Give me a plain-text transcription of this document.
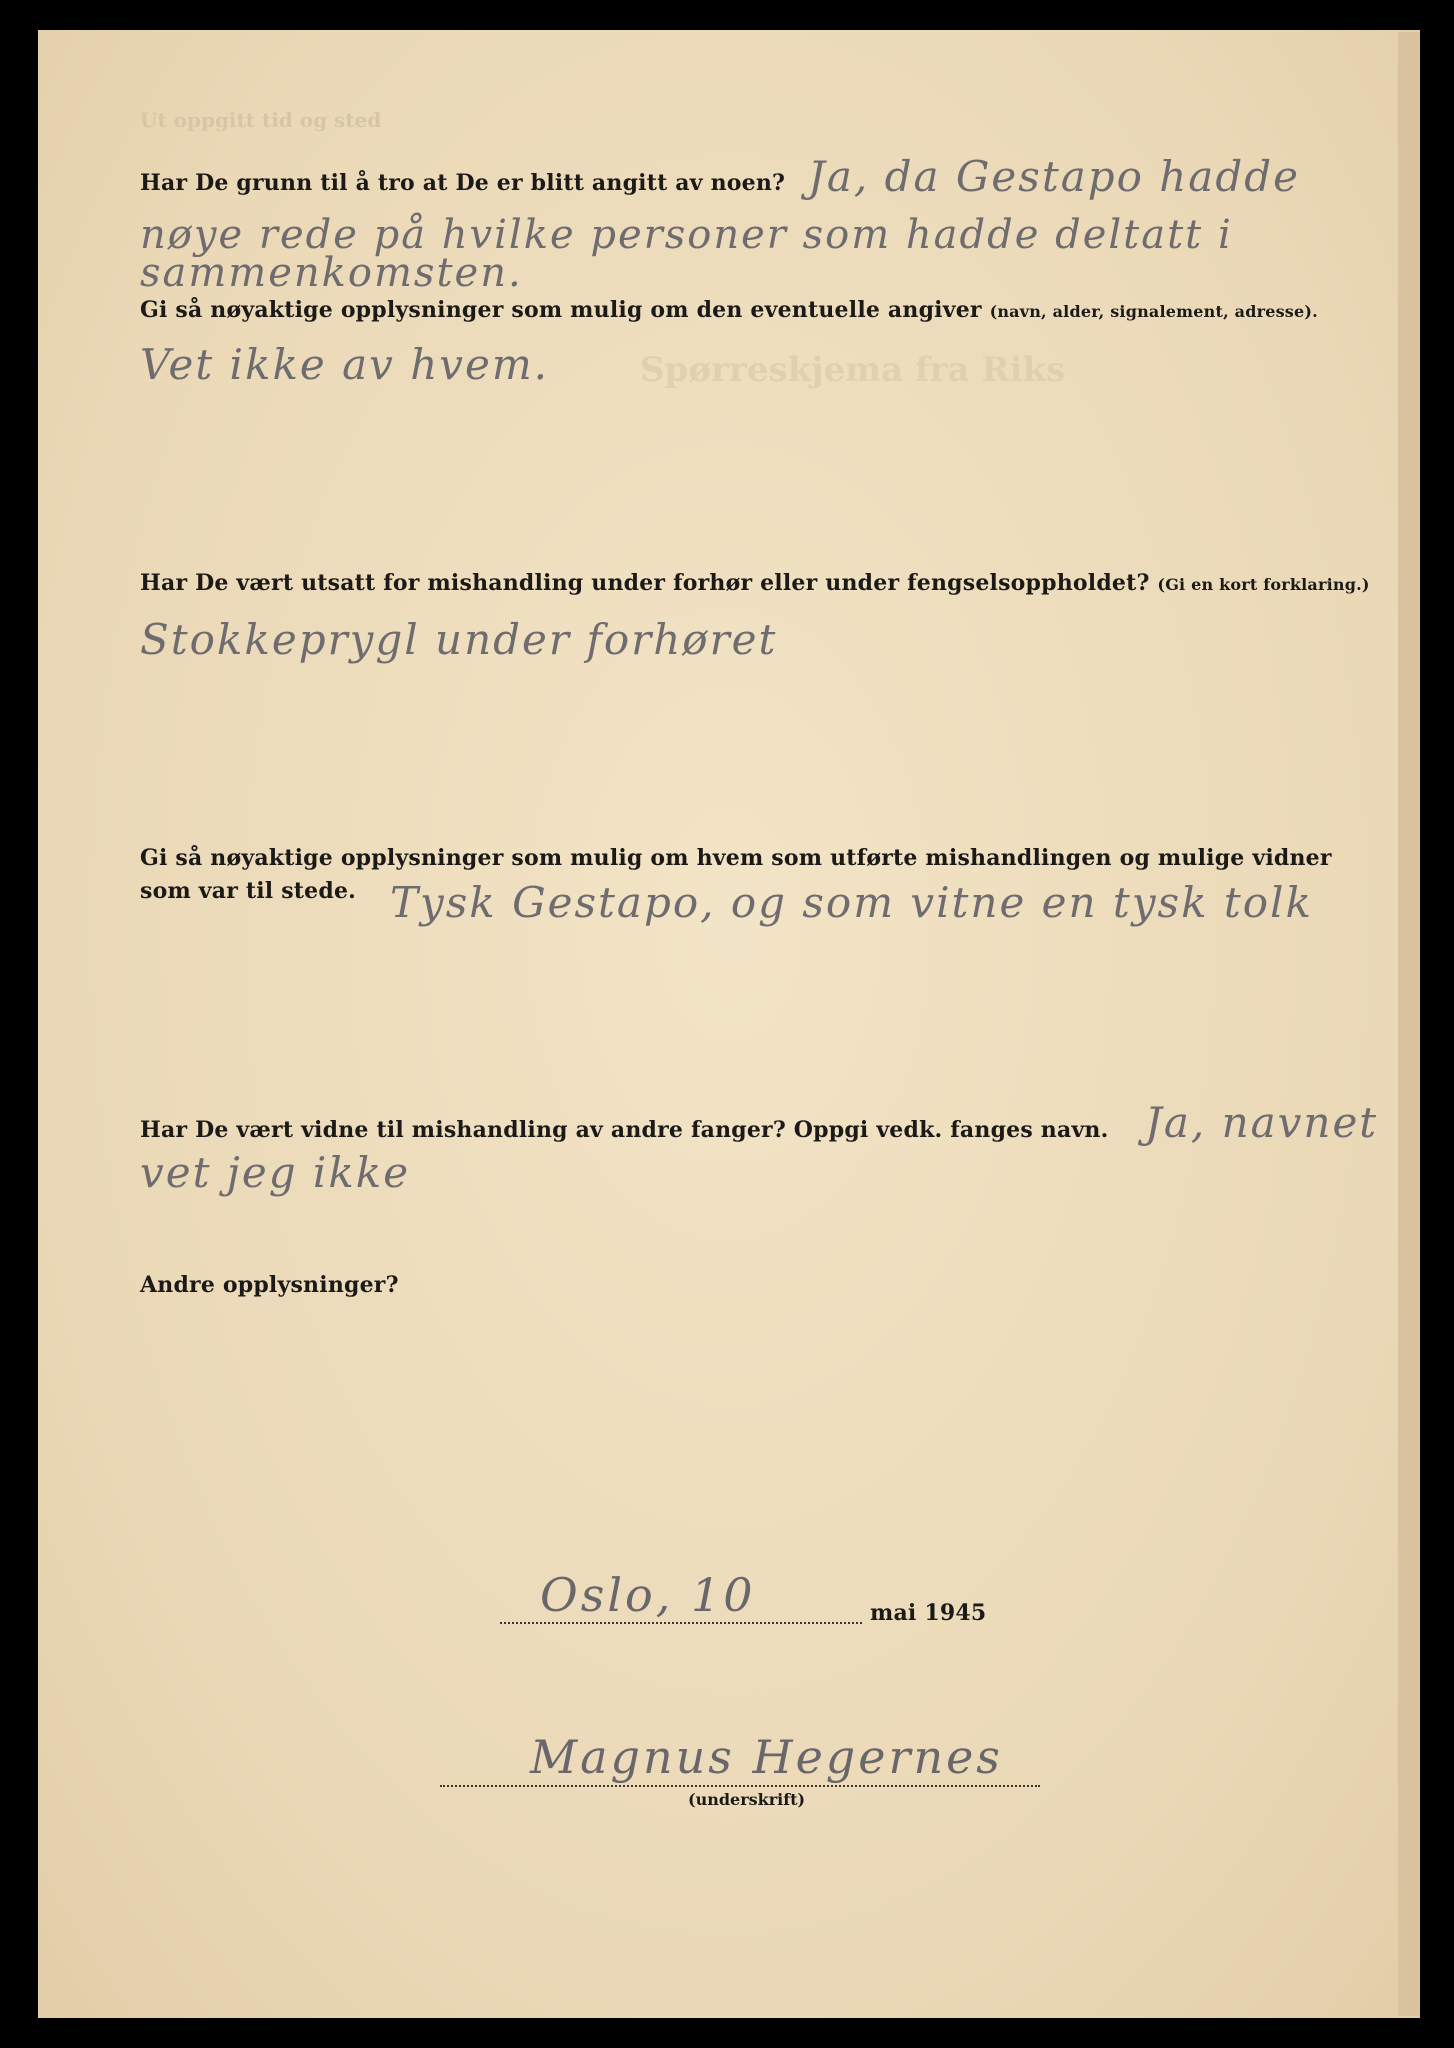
Ut oppgitt tid og sted
Spørreskjema fra Riks
Har De grunn til å tro at De er blitt angitt av noen? Ja, da Gestapo hadde
nøye rede på hvilke personer som hadde deltatt i
sammenkomsten.
Gi så nøyaktige opplysninger som mulig om den eventuelle angiver (navn, alder, signalement, adresse).
Vet ikke av hvem.
Har De vært utsatt for mishandling under forhør eller under fengselsoppholdet? (Gi en kort forklaring.)
Stokkeprygl under forhøret
Gi så nøyaktige opplysninger som mulig om hvem som utførte mishandlingen og mulige vidner
som var til stede. Tysk Gestapo, og som vitne en tysk tolk
Har De vært vidne til mishandling av andre fanger? Oppgi vedk. fanges navn. Ja, navnet
vet jeg ikke
Andre opplysninger?
Oslo, 10	mai 1945
Magnus Hegernes
(underskrift)
